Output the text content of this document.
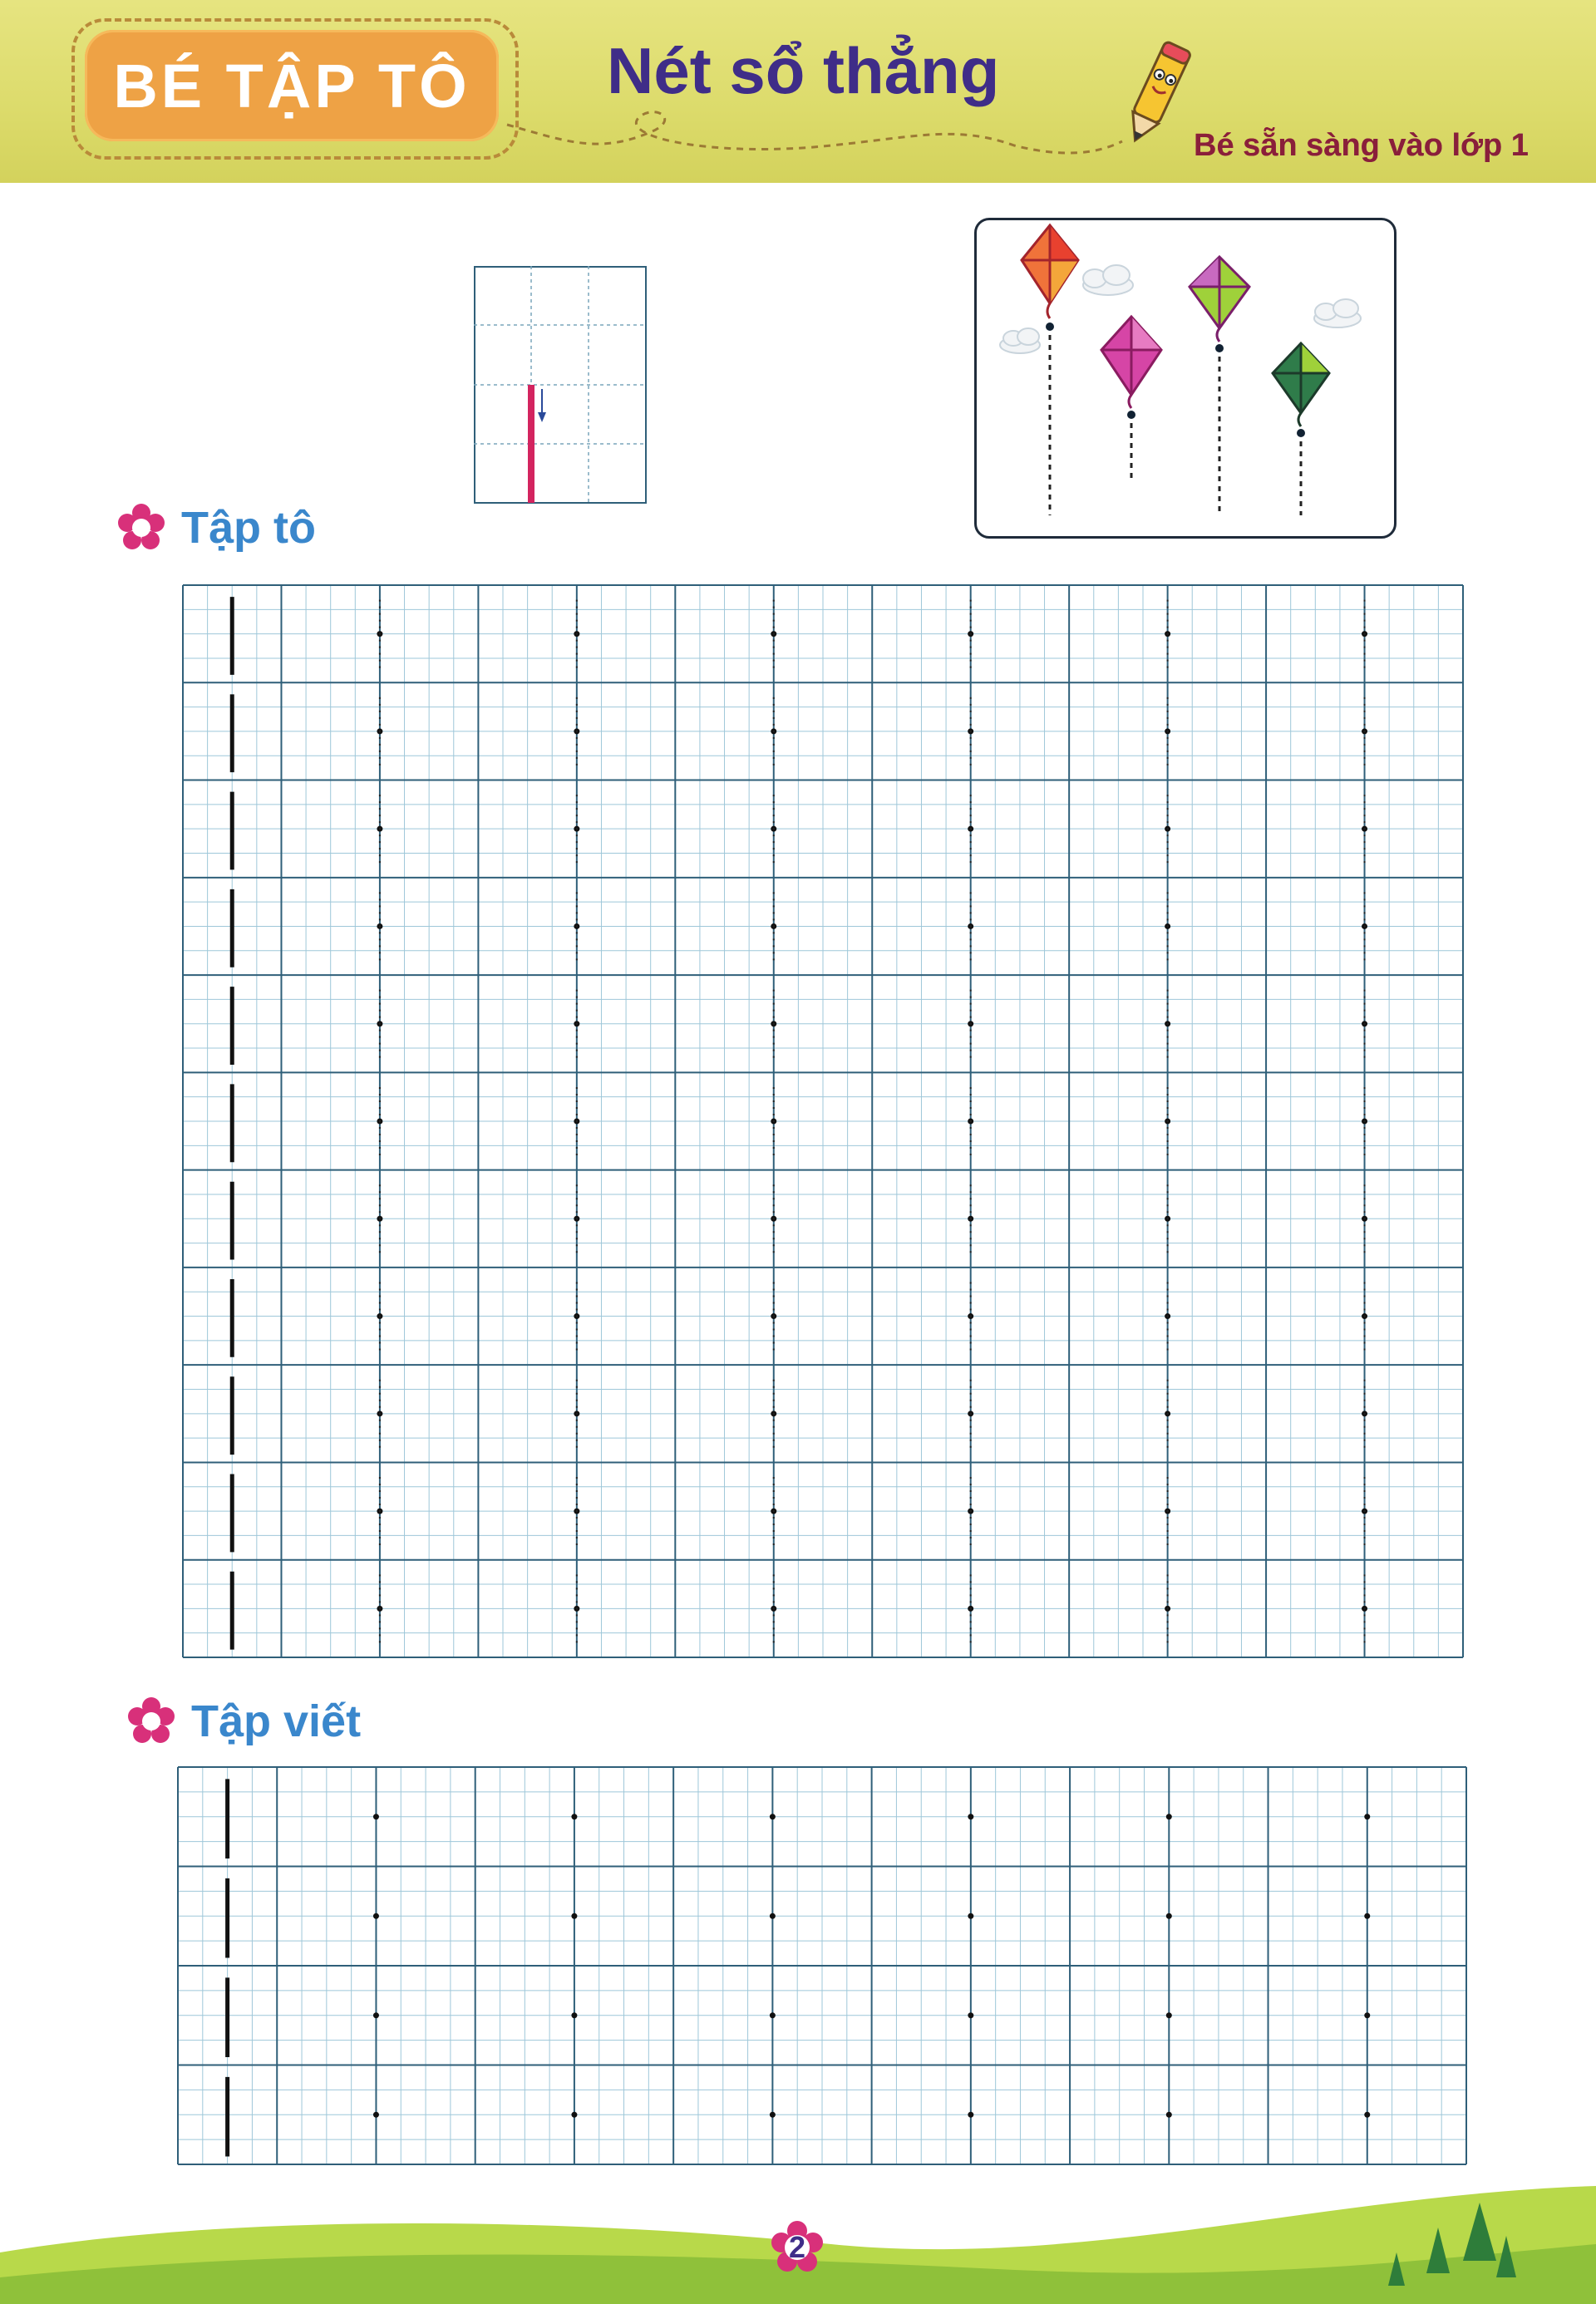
BÉ TẬP TÔ Nét sổ thẳng
Bé sẵn sàng vào lớp 1
Tập tô
Tập viết
2
